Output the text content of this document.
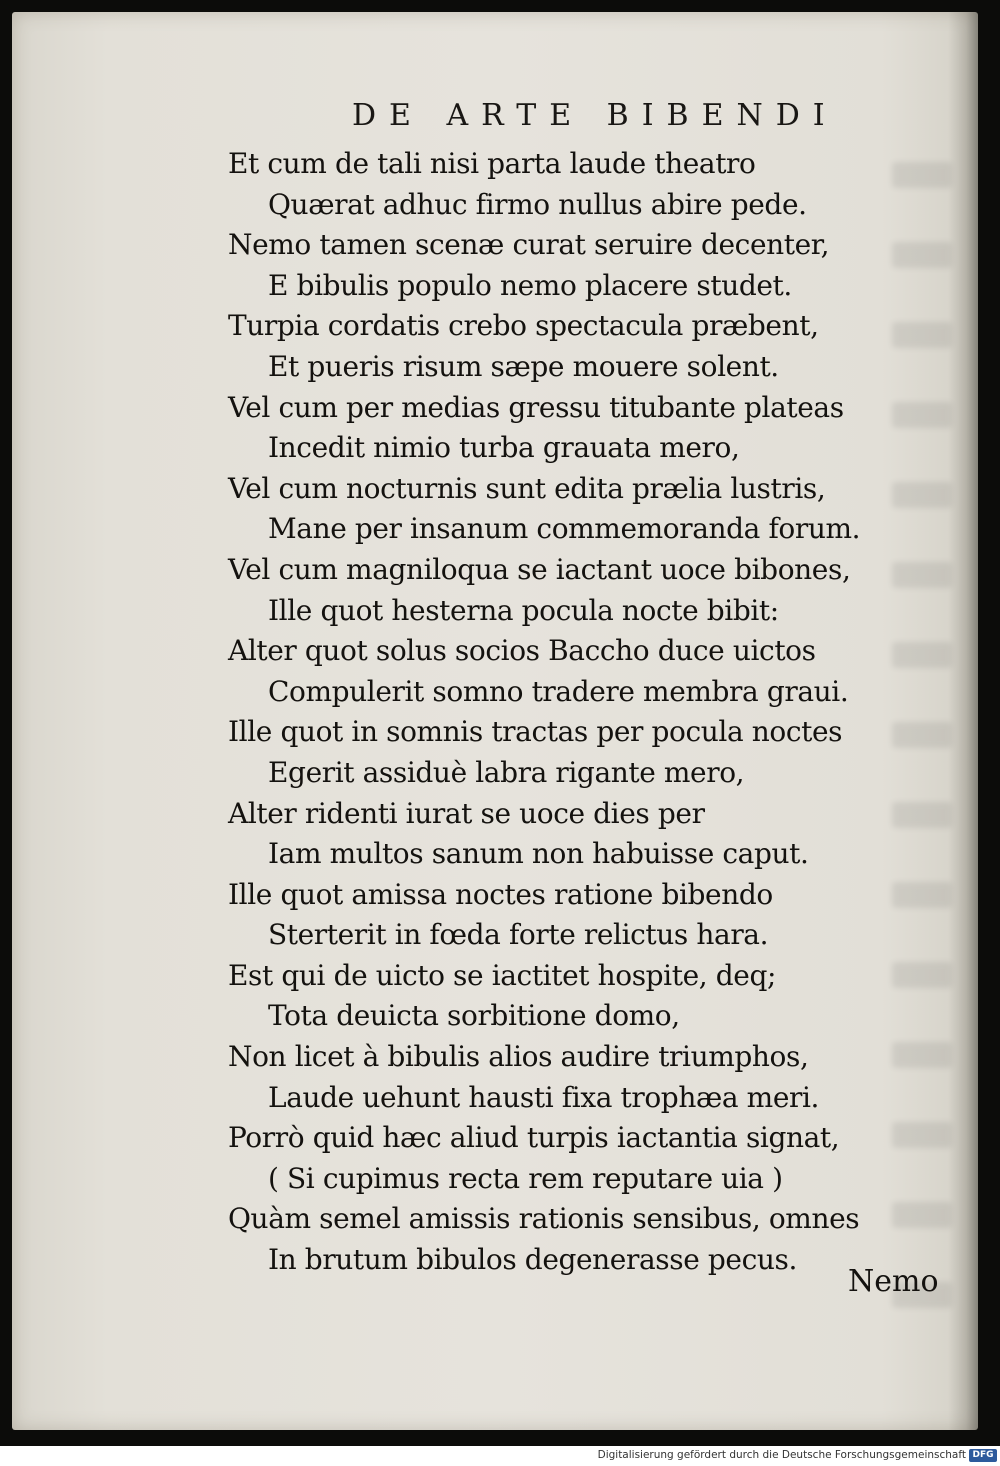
DE ARTE BIBENDI
Et cum de tali nisi parta laude theatro
Quærat adhuc firmo nullus abire pede.
Nemo tamen scenæ curat seruire decenter,
E bibulis populo nemo placere studet.
Turpia cordatis crebo spectacula præbent,
Et pueris risum sæpe mouere solent.
Vel cum per medias gressu titubante plateas
Incedit nimio turba grauata mero,
Vel cum nocturnis sunt edita prælia lustris,
Mane per insanum commemoranda forum.
Vel cum magniloqua se iactant uoce bibones,
Ille quot hesterna pocula nocte bibit:
Alter quot solus socios Baccho duce uictos
Compulerit somno tradere membra graui.
Ille quot in somnis tractas per pocula noctes
Egerit assiduè labra rigante mero,
Alter ridenti iurat se uoce dies per
Iam multos sanum non habuisse caput.
Ille quot amissa noctes ratione bibendo
Sterterit in fœda forte relictus hara.
Est qui de uicto se iactitet hospite, deq;
Tota deuicta sorbitione domo,
Non licet à bibulis alios audire triumphos,
Laude uehunt hausti fixa trophæa meri.
Porrò quid hæc aliud turpis iactantia signat,
( Si cupimus recta rem reputare uia )
Quàm semel amissis rationis sensibus, omnes
In brutum bibulos degenerasse pecus.
Nemo
Digitalisierung gefördert durch die Deutsche Forschungsgemeinschaft DFG
